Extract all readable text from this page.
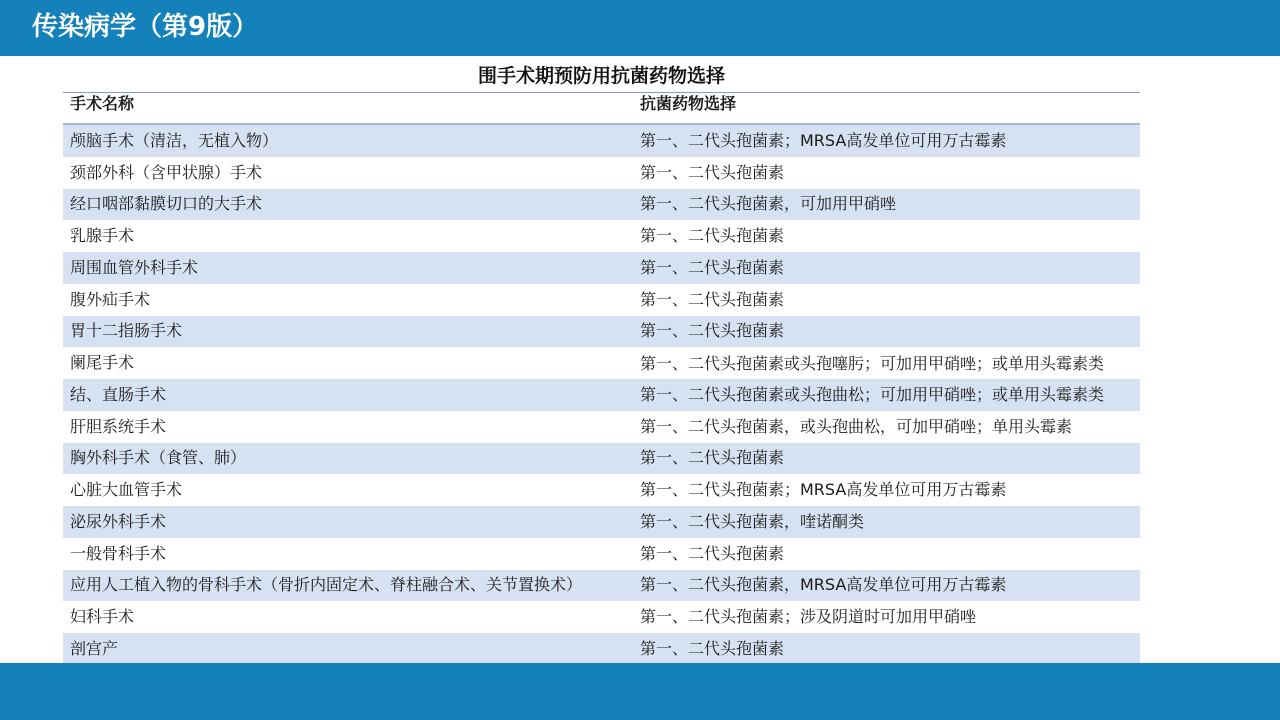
传染病学（第9版）
围手术期预防用抗菌药物选择
手术名称	抗菌药物选择
颅脑手术（清洁，无植入物）	第一、二代头孢菌素；MRSA高发单位可用万古霉素
颈部外科（含甲状腺）手术	第一、二代头孢菌素
经口咽部黏膜切口的大手术	第一、二代头孢菌素，可加用甲硝唑
乳腺手术	第一、二代头孢菌素
周围血管外科手术	第一、二代头孢菌素
腹外疝手术	第一、二代头孢菌素
胃十二指肠手术	第一、二代头孢菌素
阑尾手术	第一、二代头孢菌素或头孢噻肟；可加用甲硝唑；或单用头霉素类
结、直肠手术	第一、二代头孢菌素或头孢曲松；可加用甲硝唑；或单用头霉素类
肝胆系统手术	第一、二代头孢菌素，或头孢曲松，可加甲硝唑；单用头霉素
胸外科手术（食管、肺）	第一、二代头孢菌素
心脏大血管手术	第一、二代头孢菌素；MRSA高发单位可用万古霉素
泌尿外科手术	第一、二代头孢菌素，喹诺酮类
一般骨科手术	第一、二代头孢菌素
应用人工植入物的骨科手术（骨折内固定术、脊柱融合术、关节置换术）	第一、二代头孢菌素，MRSA高发单位可用万古霉素
妇科手术	第一、二代头孢菌素；涉及阴道时可加用甲硝唑
剖宫产	第一、二代头孢菌素
